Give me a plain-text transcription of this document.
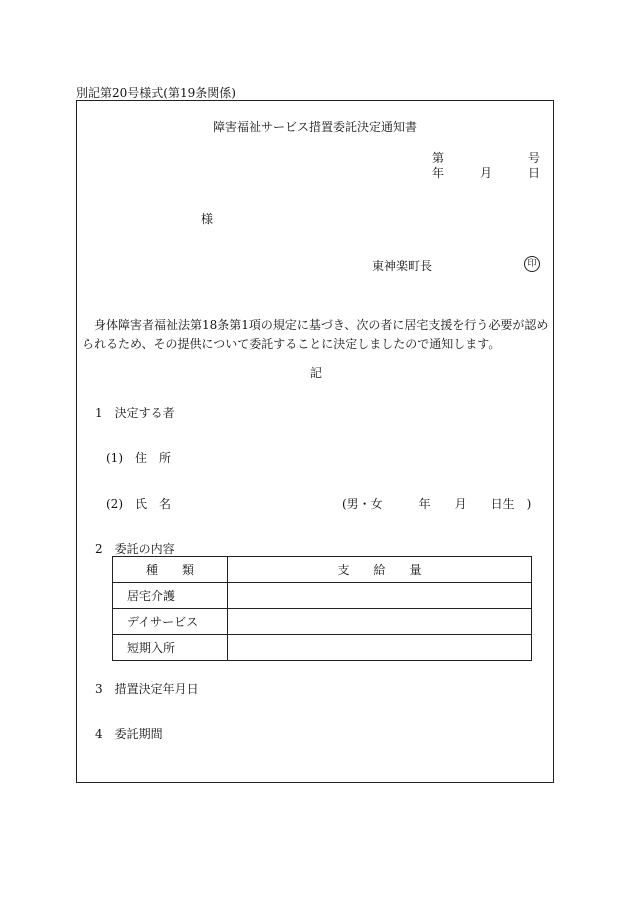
別記第20号様式(第19条関係)
障害福祉サービス措置委託決定通知書
第	号
年	月	日
様
東神楽町長	印
身体障害者福祉法第18条第1項の規定に基づき、次の者に居宅支援を行う必要が認められるため、その提供について委託することに決定しましたので通知します。
記
1　決定する者
(1)　住　所
(2)　氏　名	(男・女　　　年　　月　　日生　)
2　委託の内容
種　　類	支　　給　　量
居宅介護	
デイサービス	
短期入所	
3　措置決定年月日
4　委託期間
